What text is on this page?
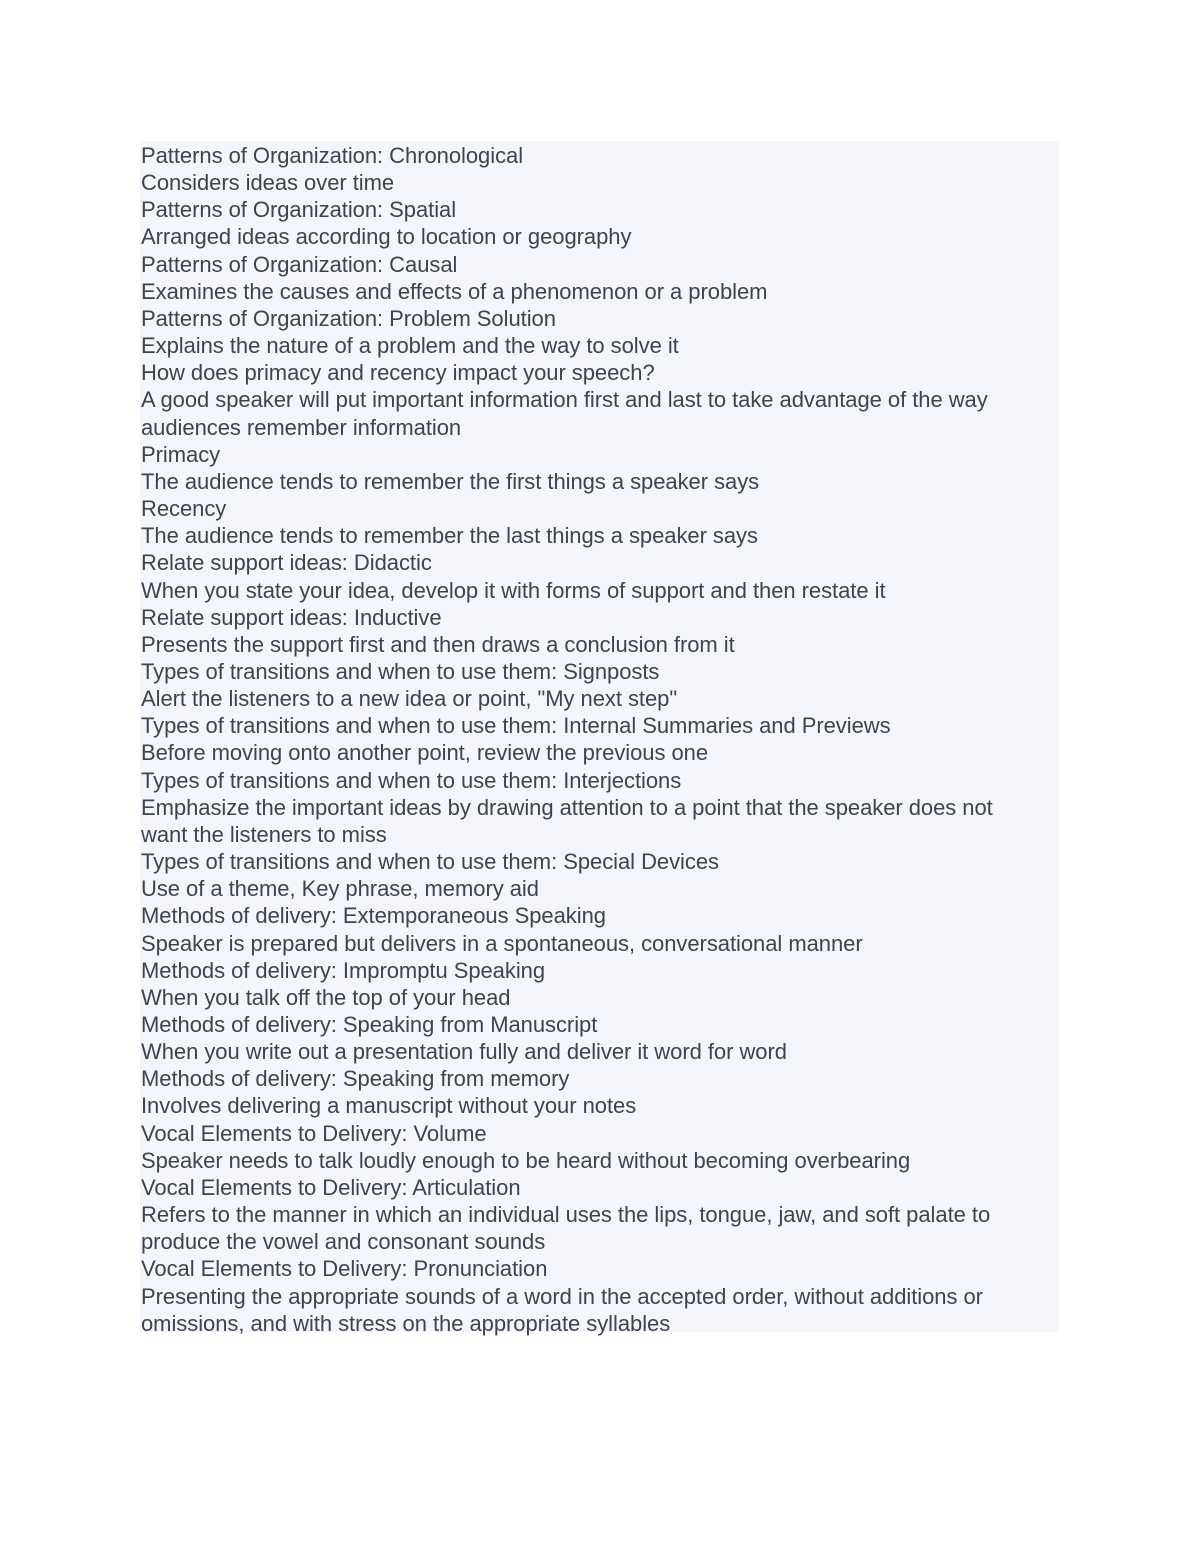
Patterns of Organization: Chronological

Considers ideas over time

Patterns of Organization: Spatial

Arranged ideas according to location or geography

Patterns of Organization: Causal

Examines the causes and effects of a phenomenon or a problem

Patterns of Organization: Problem Solution

Explains the nature of a problem and the way to solve it

How does primacy and recency impact your speech?

A good speaker will put important information first and last to take advantage of the way

audiences remember information

Primacy

The audience tends to remember the first things a speaker says

Recency

The audience tends to remember the last things a speaker says

Relate support ideas: Didactic

When you state your idea, develop it with forms of support and then restate it

Relate support ideas: Inductive

Presents the support first and then draws a conclusion from it

Types of transitions and when to use them: Signposts

Alert the listeners to a new idea or point, "My next step"

Types of transitions and when to use them: Internal Summaries and Previews

Before moving onto another point, review the previous one

Types of transitions and when to use them: Interjections

Emphasize the important ideas by drawing attention to a point that the speaker does not

want the listeners to miss

Types of transitions and when to use them: Special Devices

Use of a theme, Key phrase, memory aid

Methods of delivery: Extemporaneous Speaking

Speaker is prepared but delivers in a spontaneous, conversational manner

Methods of delivery: Impromptu Speaking

When you talk off the top of your head

Methods of delivery: Speaking from Manuscript

When you write out a presentation fully and deliver it word for word

Methods of delivery: Speaking from memory

Involves delivering a manuscript without your notes

Vocal Elements to Delivery: Volume

Speaker needs to talk loudly enough to be heard without becoming overbearing

Vocal Elements to Delivery: Articulation

Refers to the manner in which an individual uses the lips, tongue, jaw, and soft palate to

produce the vowel and consonant sounds

Vocal Elements to Delivery: Pronunciation

Presenting the appropriate sounds of a word in the accepted order, without additions or

omissions, and with stress on the appropriate syllables
